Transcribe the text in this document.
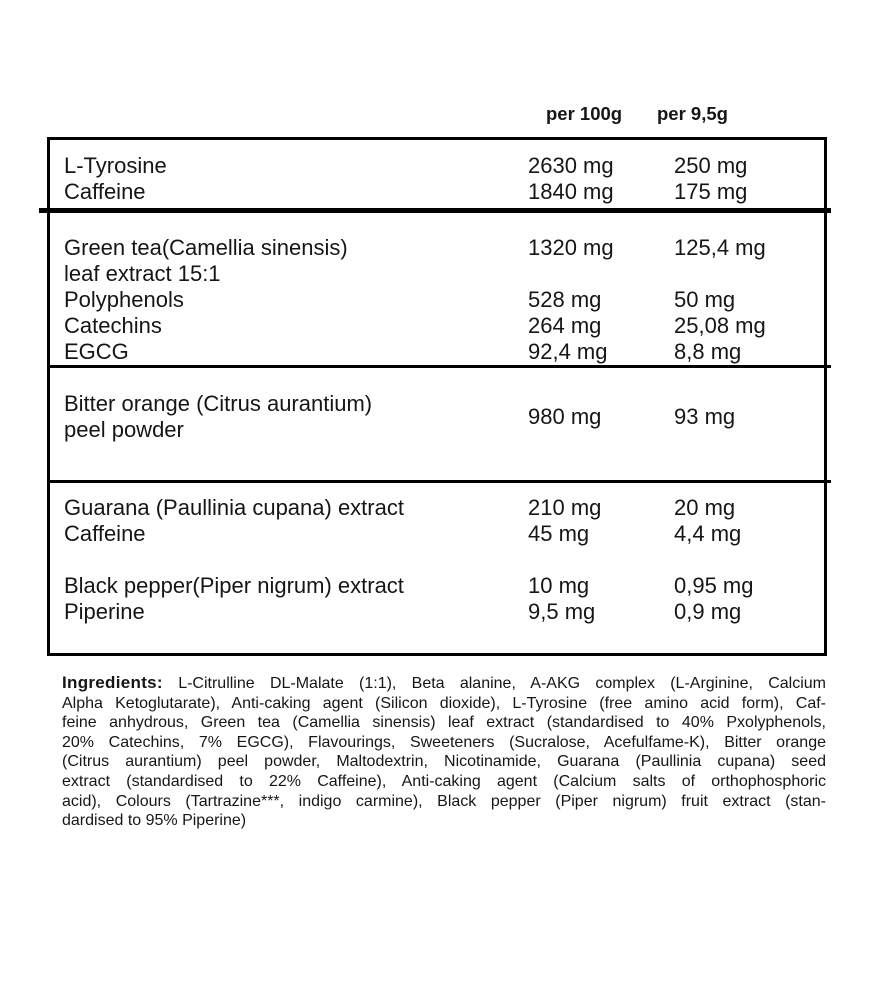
per 100g per 9,5g
L-Tyrosine	2630 mg	250 mg
Caffeine	1840 mg	175 mg
Green tea(Camellia sinensis)
leaf extract 15:1
1320 mg	125,4 mg
Polyphenols	528 mg	50 mg
Catechins	264 mg	25,08 mg
EGCG	92,4 mg	8,8 mg
Bitter orange (Citrus aurantium)
peel powder
980 mg	93 mg
Guarana (Paullinia cupana) extract	210 mg	20 mg
Caffeine	45 mg	4,4 mg
Black pepper(Piper nigrum) extract	10 mg	0,95 mg
Piperine	9,5 mg	0,9 mg
Ingredients: L-Citrulline DL-Malate (1:1), Beta alanine, A-AKG complex (L-Arginine, Calcium
Alpha Ketoglutarate), Anti-caking agent (Silicon dioxide), L-Tyrosine (free amino acid form), Caf-
feine anhydrous, Green tea (Camellia sinensis) leaf extract (standardised to 40% Pxolyphenols,
20% Catechins, 7% EGCG), Flavourings, Sweeteners (Sucralose, Acefulfame-K), Bitter orange
(Citrus aurantium) peel powder, Maltodextrin, Nicotinamide, Guarana (Paullinia cupana) seed
extract (standardised to 22% Caffeine), Anti-caking agent (Calcium salts of orthophosphoric
acid), Colours (Tartrazine***, indigo carmine), Black pepper (Piper nigrum) fruit extract (stan-
dardised to 95% Piperine)
